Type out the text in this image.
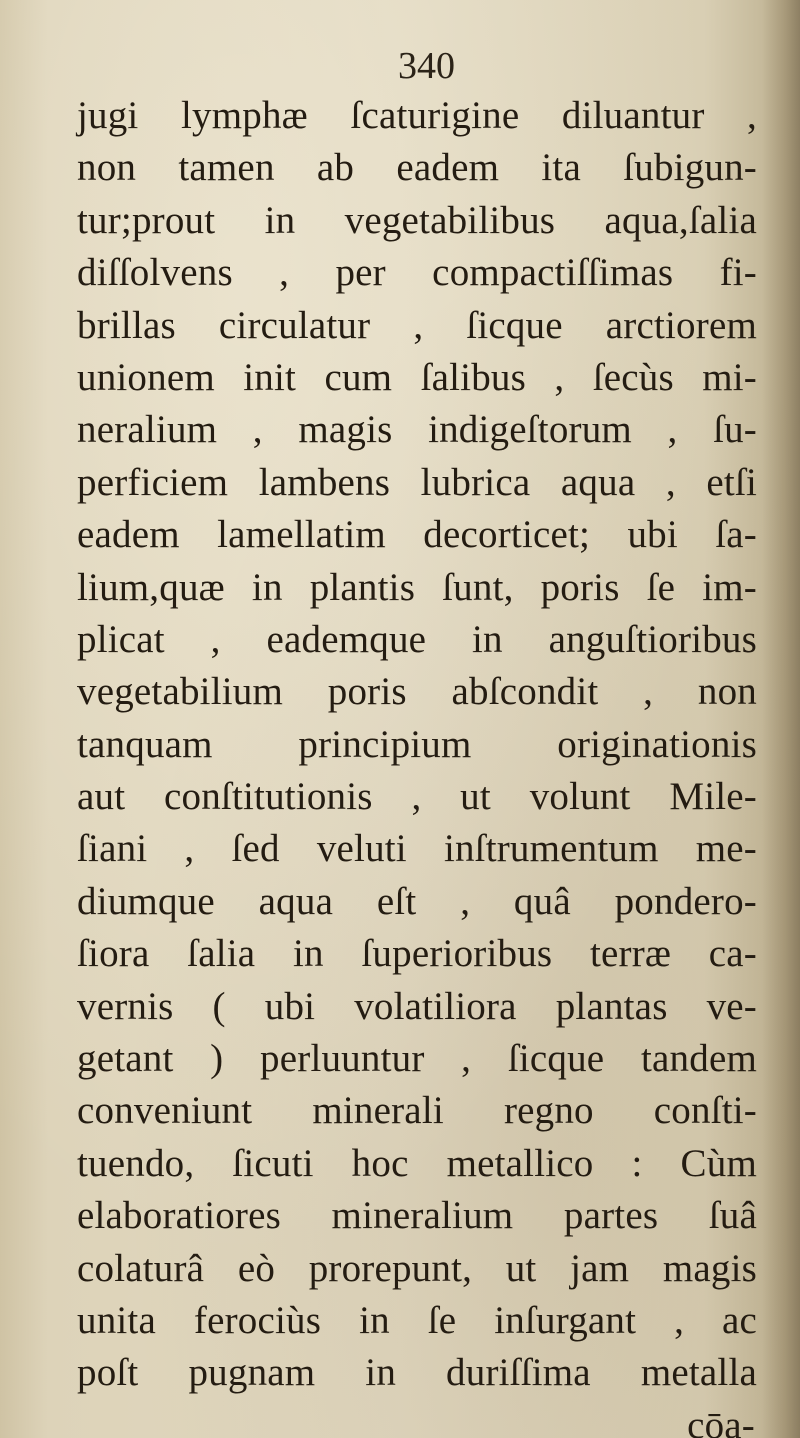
340
jugi lymphæ ſcaturigine diluantur ,
non tamen ab eadem ita ſubigun-
tur;prout in vegetabilibus aqua,ſalia
diſſolvens , per compactiſſimas fi-
brillas circulatur , ſicque arctiorem
unionem init cum ſalibus , ſecùs mi-
neralium , magis indigeſtorum , ſu-
perficiem lambens lubrica aqua , etſi
eadem lamellatim decorticet; ubi ſa-
lium,quæ in plantis ſunt, poris ſe im-
plicat , eademque in anguſtioribus
vegetabilium poris abſcondit , non
tanquam principium originationis
aut conſtitutionis , ut volunt Mile-
ſiani , ſed veluti inſtrumentum me-
diumque aqua eſt , quâ pondero-
ſiora ſalia in ſuperioribus terræ ca-
vernis ( ubi volatiliora plantas ve-
getant ) perluuntur , ſicque tandem
conveniunt minerali regno conſti-
tuendo, ſicuti hoc metallico : Cùm
elaboratiores mineralium partes ſuâ
colaturâ eò prorepunt, ut jam magis
unita ferociùs in ſe inſurgant , ac
poſt pugnam in duriſſima metalla
cōa-
